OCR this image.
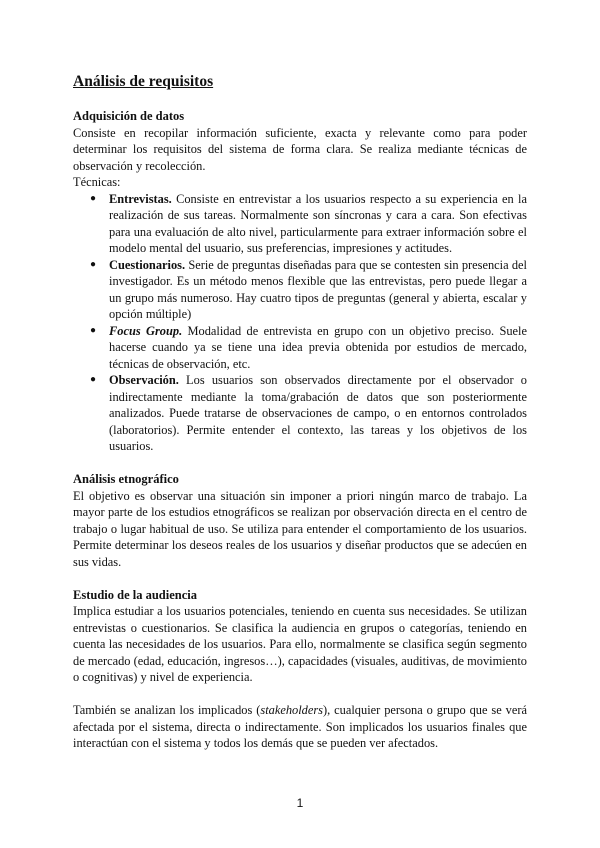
Análisis de requisitos
Adquisición de datos

Consiste en recopilar información suficiente, exacta y relevante como para poder determinar los requisitos del sistema de forma clara. Se realiza mediante técnicas de observación y recolección.

Técnicas:

● Entrevistas. Consiste en entrevistar a los usuarios respecto a su experiencia en la realización de sus tareas. Normalmente son síncronas y cara a cara. Son efectivas para una evaluación de alto nivel, particularmente para extraer información sobre el modelo mental del usuario, sus preferencias, impresiones y actitudes.
● Cuestionarios. Serie de preguntas diseñadas para que se contesten sin presencia del investigador. Es un método menos flexible que las entrevistas, pero puede llegar a un grupo más numeroso. Hay cuatro tipos de preguntas (general y abierta, escalar y opción múltiple)
● Focus Group. Modalidad de entrevista en grupo con un objetivo preciso. Suele hacerse cuando ya se tiene una idea previa obtenida por estudios de mercado, técnicas de observación, etc.
● Observación. Los usuarios son observados directamente por el observador o indirectamente mediante la toma/grabación de datos que son posteriormente analizados. Puede tratarse de observaciones de campo, o en entornos controlados (laboratorios). Permite entender el contexto, las tareas y los objetivos de los usuarios.
Análisis etnográfico

El objetivo es observar una situación sin imponer a priori ningún marco de trabajo. La mayor parte de los estudios etnográficos se realizan por observación directa en el centro de trabajo o lugar habitual de uso. Se utiliza para entender el comportamiento de los usuarios. Permite determinar los deseos reales de los usuarios y diseñar productos que se adecúen en sus vidas.

Estudio de la audiencia

Implica estudiar a los usuarios potenciales, teniendo en cuenta sus necesidades. Se utilizan entrevistas o cuestionarios. Se clasifica la audiencia en grupos o categorías, teniendo en cuenta las necesidades de los usuarios. Para ello, normalmente se clasifica según segmento de mercado (edad, educación, ingresos…), capacidades (visuales, auditivas, de movimiento o cognitivas) y nivel de experiencia.

También se analizan los implicados (stakeholders), cualquier persona o grupo que se verá afectada por el sistema, directa o indirectamente. Son implicados los usuarios finales que interactúan con el sistema y todos los demás que se pueden ver afectados.

1
